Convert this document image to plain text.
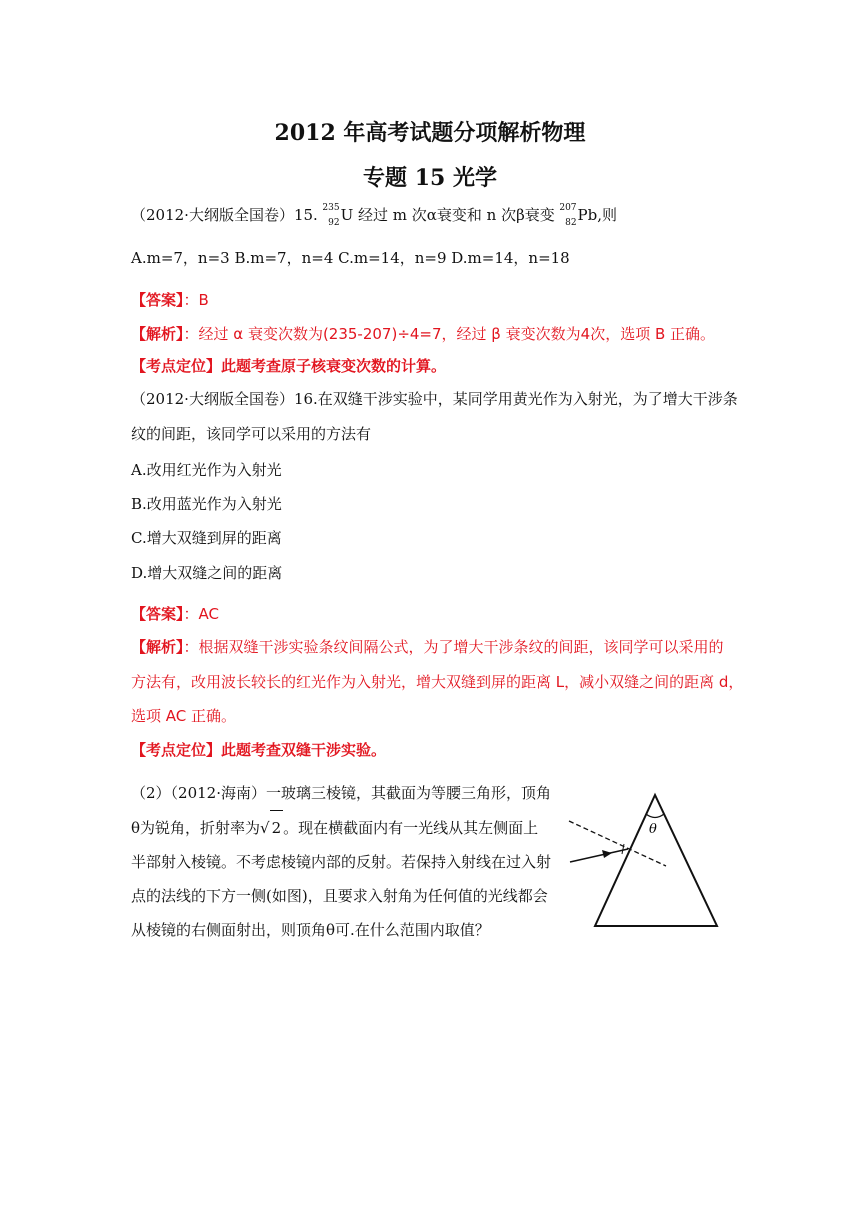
2012 年高考试题分项解析物理
专题 15 光学
（2012·大纲版全国卷）15. 235
92 U 经过 m 次α衰变和 n 次β衰变 207
82 Pb,则
A.m=7，n=3 B.m=7，n=4 C.m=14，n=9 D.m=14，n=18
【答案】：B
【解析】：经过 α 衰变次数为(235-207)÷4=7，经过 β 衰变次数为4次，选项 B 正确。
【考点定位】此题考查原子核衰变次数的计算。
（2012·大纲版全国卷）16.在双缝干涉实验中，某同学用黄光作为入射光，为了增大干涉条
纹的间距，该同学可以采用的方法有
A.改用红光作为入射光
B.改用蓝光作为入射光
C.增大双缝到屏的距离
D.增大双缝之间的距离
【答案】：AC
【解析】：根据双缝干涉实验条纹间隔公式，为了增大干涉条纹的间距，该同学可以采用的
方法有，改用波长较长的红光作为入射光，增大双缝到屏的距离 L，减小双缝之间的距离 d，
选项 AC 正确。
【考点定位】此题考查双缝干涉实验。
（2）（2012·海南）一玻璃三棱镜，其截面为等腰三角形，顶角
θ为锐角，折射率为√ 2 。现在横截面内有一光线从其左侧面上
半部射入棱镜。不考虑棱镜内部的反射。若保持入射线在过入射
点的法线的下方一侧(如图)，且要求入射角为任何值的光线都会
从棱镜的右侧面射出，则顶角θ可.在什么范围内取值？
θ
